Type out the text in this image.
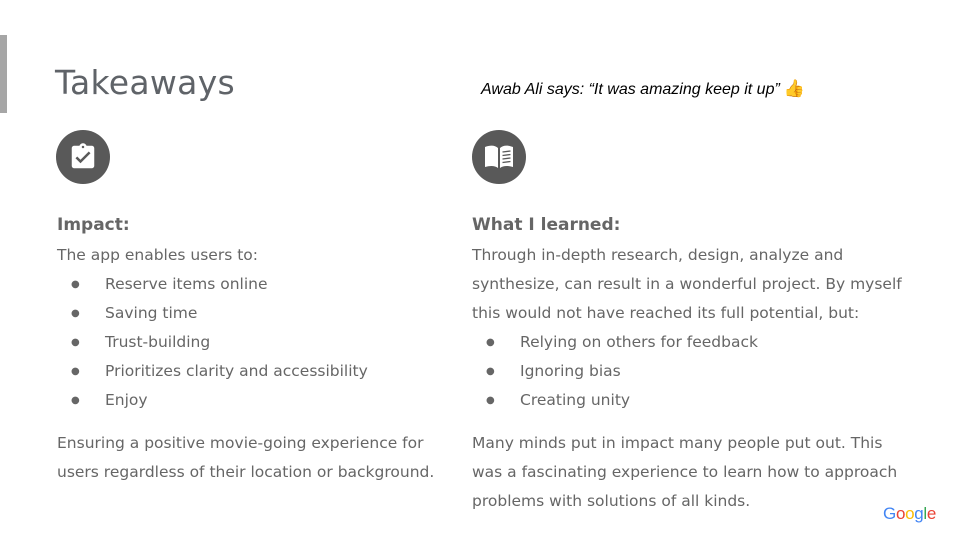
Takeaways	Awab Ali says: “It was amazing keep it up” 👍
Impact:
The app enables users to:
● Reserve items online
● Saving time
● Trust-building
● Prioritizes clarity and accessibility
● Enjoy
Ensuring a positive movie-going experience for users regardless of their location or background.
What I learned:
Through in-depth research, design, analyze and synthesize, can result in a wonderful project. By myself this would not have reached its full potential, but:
● Relying on others for feedback
● Ignoring bias
● Creating unity
Many minds put in impact many people put out. This was a fascinating experience to learn how to approach problems with solutions of all kinds.
Google
